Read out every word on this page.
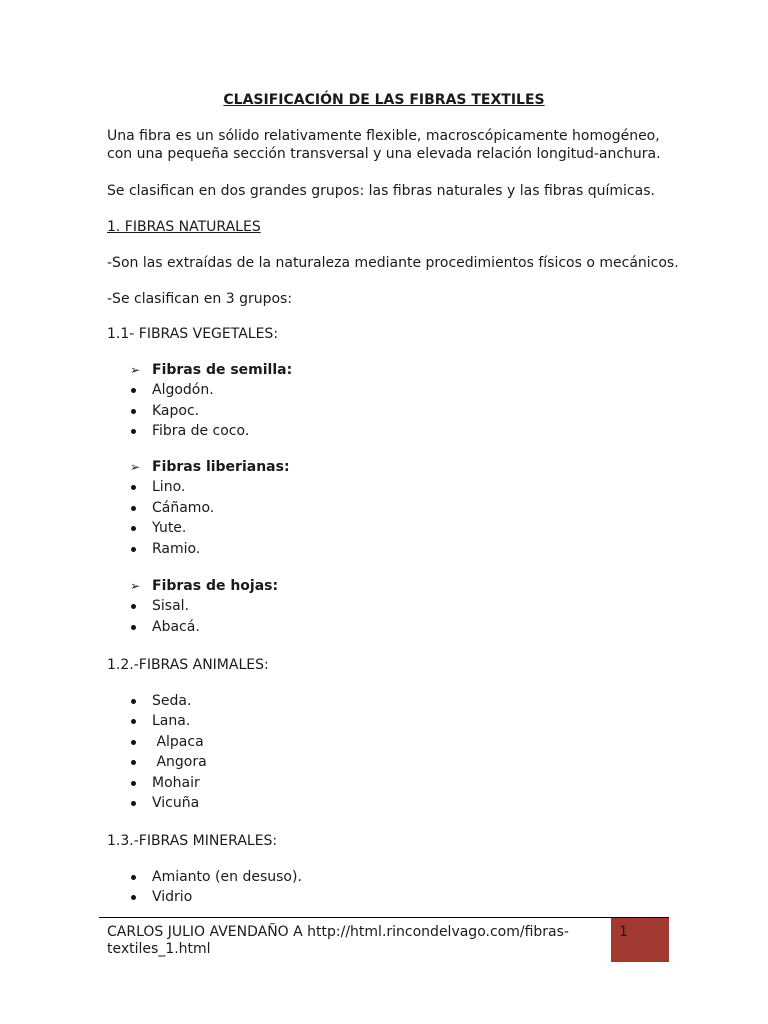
CLASIFICACIÓN DE LAS FIBRAS TEXTILES
Una fibra es un sólido relativamente flexible, macroscópicamente homogéneo, con una pequeña sección transversal y una elevada relación longitud-anchura.
Se clasifican en dos grandes grupos: las fibras naturales y las fibras químicas.
1. FIBRAS NATURALES
-Son las extraídas de la naturaleza mediante procedimientos físicos o mecánicos.
-Se clasifican en 3 grupos:
1.1- FIBRAS VEGETALES:
➢ Fibras de semilla:
Algodón.
Kapoc.
Fibra de coco.
➢ Fibras liberianas:
Lino.
Cáñamo.
Yute.
Ramio.
➢ Fibras de hojas:
Sisal.
Abacá.
1.2.-FIBRAS ANIMALES:
Seda.
Lana.
Alpaca
Angora
Mohair
Vicuña
1.3.-FIBRAS MINERALES:
Amianto (en desuso).
Vidrio
CARLOS JULIO AVENDAÑO A http://html.rincondelvago.com/fibras-textiles_1.html
1
